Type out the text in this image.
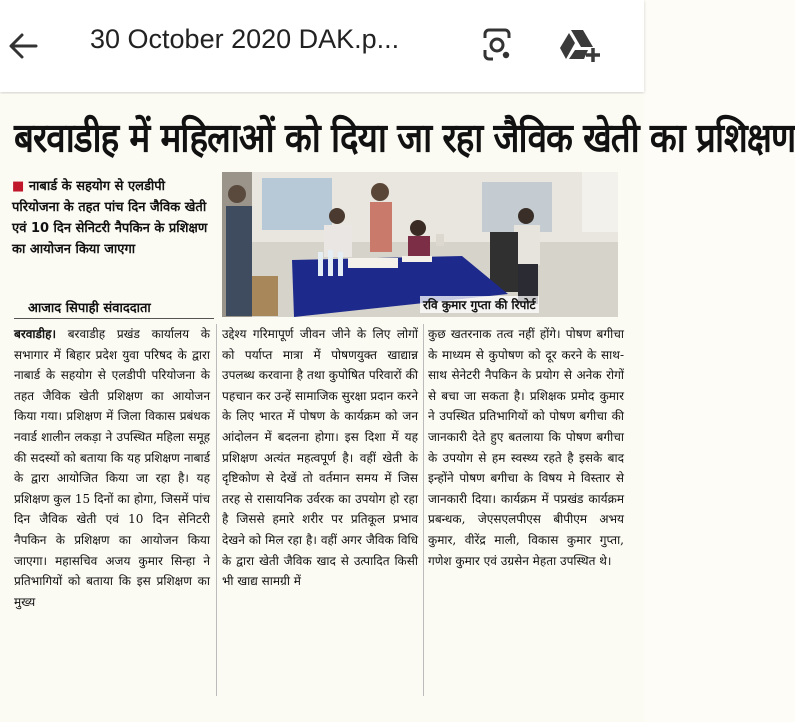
30 October 2020 DAK.p...
बरवाडीह में महिलाओं को दिया जा रहा जैविक खेती का प्रशिक्षण
■ नाबार्ड के सहयोग से एलडीपी परियोजना के तहत पांच दिन जैविक खेती एवं 10 दिन सेनिटरी नैपकिन के प्रशिक्षण का आयोजन किया जाएगा
आजाद सिपाही संवाददाता	रवि कुमार गुप्ता की रिपोर्ट
बरवाडीह। बरवाडीह प्रखंड कार्यालय के सभागार में बिहार प्रदेश युवा परिषद के द्वारा नाबार्ड के सहयोग से एलडीपी परियोजना के तहत जैविक खेती प्रशिक्षण का आयोजन किया गया। प्रशिक्षण में जिला विकास प्रबंधक नवार्ड शालीन लकड़ा ने उपस्थित महिला समूह की सदस्यों को बताया कि यह प्रशिक्षण नाबार्ड के द्वारा आयोजित किया जा रहा है। यह प्रशिक्षण कुल 15 दिनों का होगा, जिसमें पांच दिन जैविक खेती एवं 10 दिन सेनिटरी नैपकिन के प्रशिक्षण का आयोजन किया जाएगा। महासचिव अजय कुमार सिन्हा ने प्रतिभागियों को बताया कि इस प्रशिक्षण का मुख्य
उद्देश्य गरिमापूर्ण जीवन जीने के लिए लोगों को पर्याप्त मात्रा में पोषणयुक्त खाद्यान्न उपलब्ध करवाना है तथा कुपोषित परिवारों की पहचान कर उन्हें सामाजिक सुरक्षा प्रदान करने के लिए भारत में पोषण के कार्यक्रम को जन आंदोलन में बदलना होगा। इस दिशा में यह प्रशिक्षण अत्यंत महत्वपूर्ण है। वहीं खेती के दृष्टिकोण से देखें तो वर्तमान समय में जिस तरह से रासायनिक उर्वरक का उपयोग हो रहा है जिससे हमारे शरीर पर प्रतिकूल प्रभाव देखने को मिल रहा है। वहीं अगर जैविक विधि के द्वारा खेती जैविक खाद से उत्पादित किसी भी खाद्य सामग्री में
कुछ खतरनाक तत्व नहीं होंगे। पोषण बगीचा के माध्यम से कुपोषण को दूर करने के साथ-साथ सेनेटरी नैपकिन के प्रयोग से अनेक रोगों से बचा जा सकता है। प्रशिक्षक प्रमोद कुमार ने उपस्थित प्रतिभागियों को पोषण बगीचा की जानकारी देते हुए बतलाया कि पोषण बगीचा के उपयोग से हम स्वस्थ्य रहते है इसके बाद इन्होंने पोषण बगीचा के विषय मे विस्तार से जानकारी दिया। कार्यक्रम में पप्रखंड कार्यक्रम प्रबन्धक, जेएसएलपीएस बीपीएम अभय कुमार, वीरेंद्र माली, विकास कुमार गुप्ता, गणेश कुमार एवं उग्रसेन मेहता उपस्थित थे।
